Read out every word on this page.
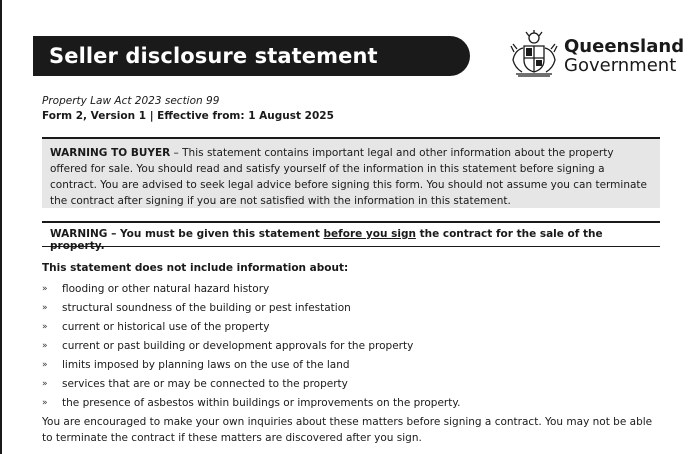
Seller disclosure statement	Queensland
Government
Property Law Act 2023 section 99
Form 2, Version 1 | Effective from: 1 August 2025
WARNING TO BUYER – This statement contains important legal and other information about the property offered for sale. You should read and satisfy yourself of the information in this statement before signing a contract. You are advised to seek legal advice before signing this form. You should not assume you can terminate the contract after signing if you are not satisfied with the information in this statement.
WARNING – You must be given this statement before you sign the contract for the sale of the property.
This statement does not include information about:
»	flooding or other natural hazard history
»	structural soundness of the building or pest infestation
»	current or historical use of the property
»	current or past building or development approvals for the property
»	limits imposed by planning laws on the use of the land
»	services that are or may be connected to the property
»	the presence of asbestos within buildings or improvements on the property.
You are encouraged to make your own inquiries about these matters before signing a contract. You may not be able to terminate the contract if these matters are discovered after you sign.
